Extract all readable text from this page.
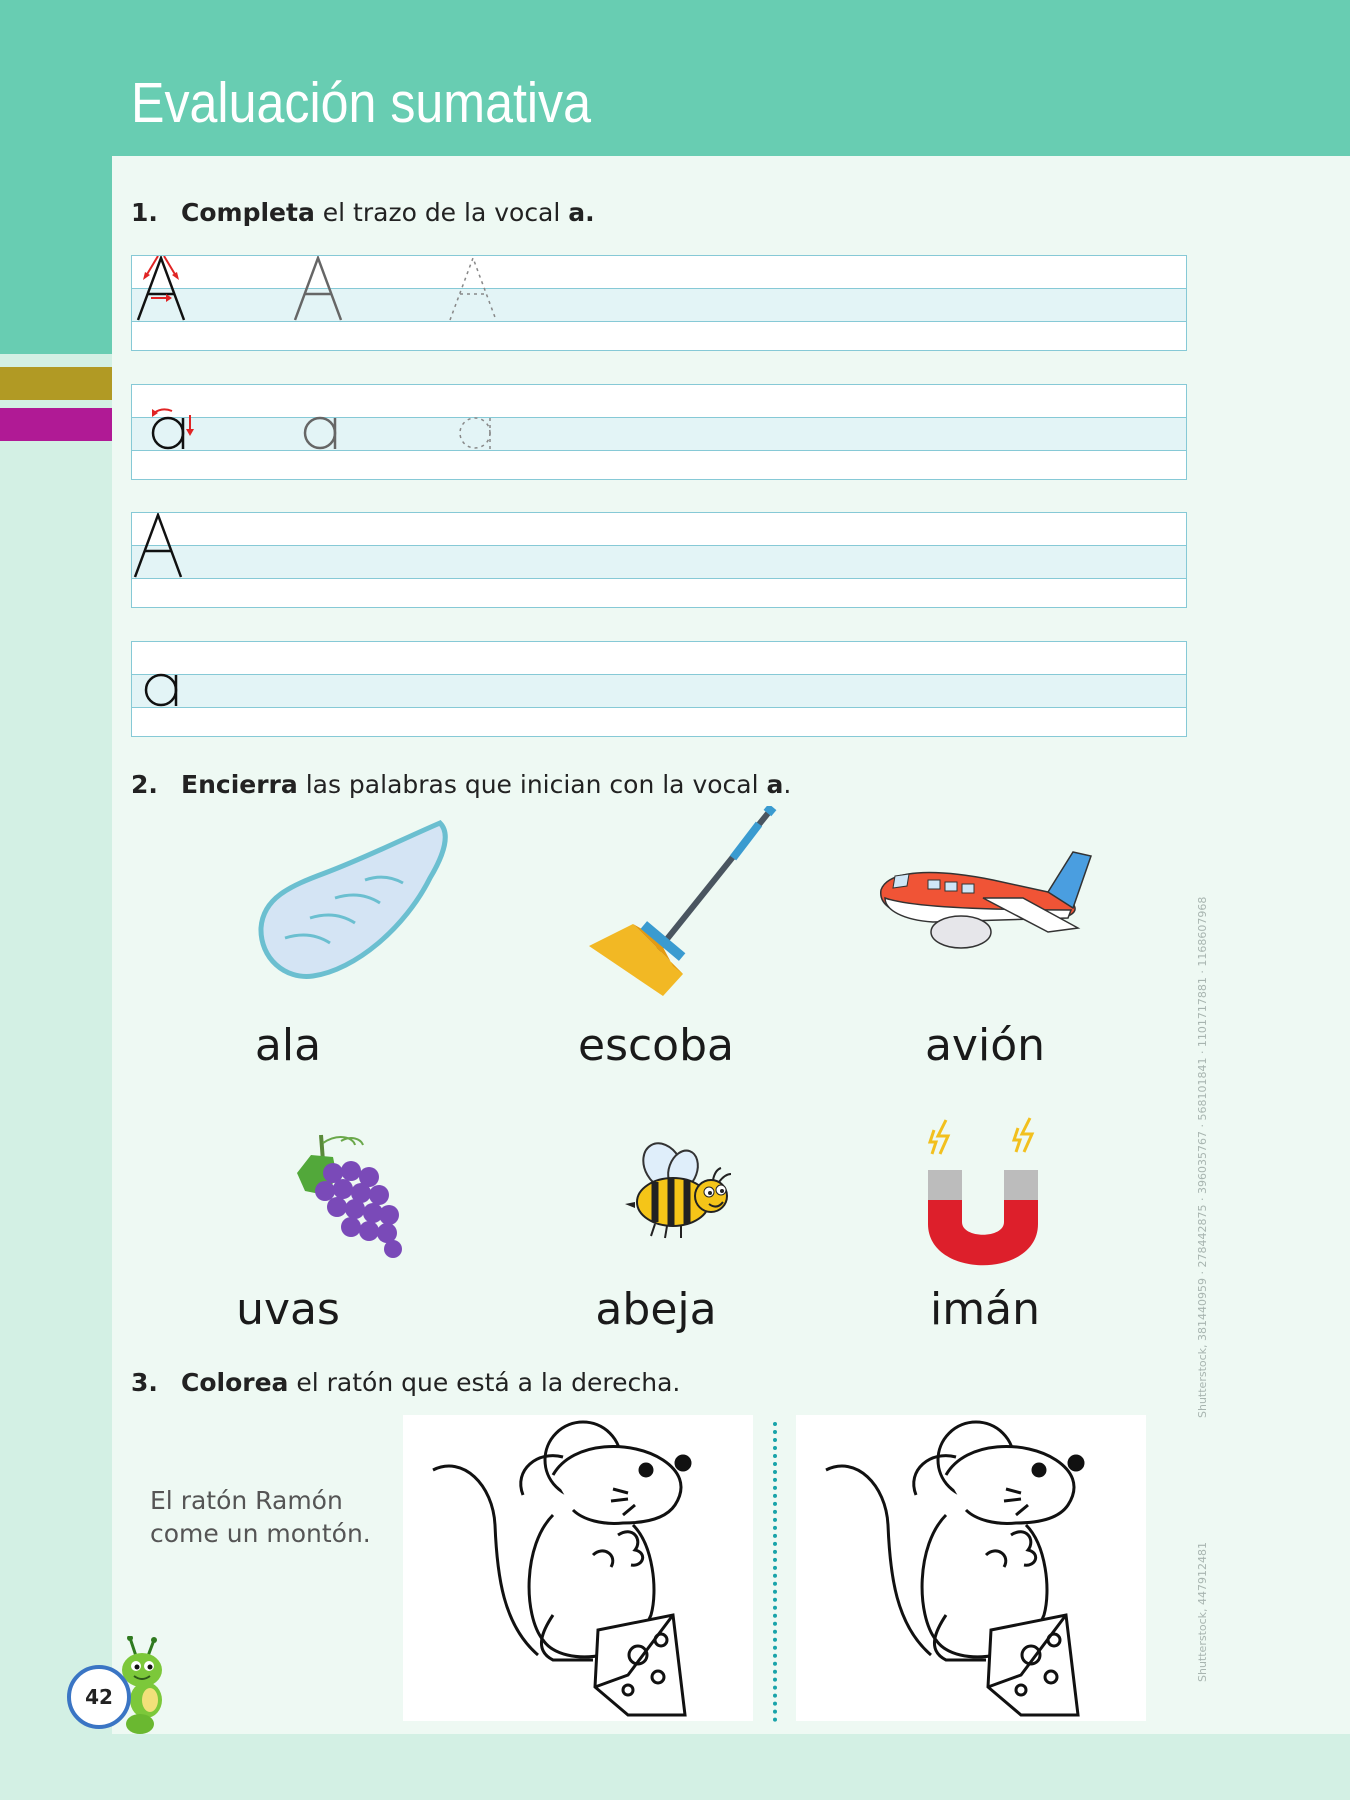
Evaluación sumativa

1. Completa el trazo de la vocal a.

2. Encierra las palabras que inician con la vocal a.

ala	escoba	avión

uvas	abeja	imán

3. Colorea el ratón que está a la derecha.

El ratón Ramón
come un montón.

Shutterstock, 381440959 · 278442875 · 396035767 · 568101841 · 1101717881 · 1168607968

Shutterstock, 447912481

42
